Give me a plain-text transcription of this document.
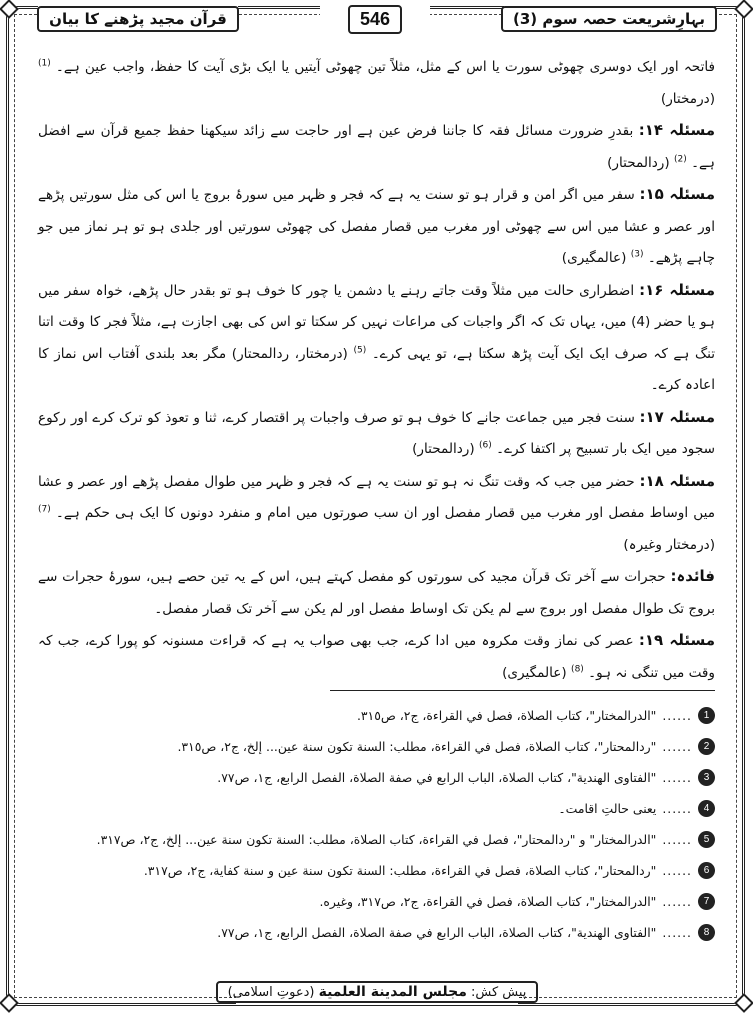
بہارِشریعت حصہ سوم (3)
546
قرآن مجید پڑھنے کا بیان

فاتحہ اور ایک دوسری چھوٹی سورت یا اس کے مثل، مثلاً تین چھوٹی آیتیں یا ایک بڑی آیت کا حفظ، واجب عین ہے۔ $^{(1)}$ (درمختار)

مسئلہ ۱۴: بقدرِ ضرورت مسائل فقہ کا جاننا فرض عین ہے اور حاجت سے زائد سیکھنا حفظ جمیع قرآن سے افضل ہے۔ $^{(2)}$ (ردالمحتار)

مسئلہ ۱۵: سفر میں اگر امن و قرار ہو تو سنت یہ ہے کہ فجر و ظہر میں سورۂ بروج یا اس کی مثل سورتیں پڑھے اور عصر و عشا میں اس سے چھوٹی اور مغرب میں قصار مفصل کی چھوٹی سورتیں اور جلدی ہو تو ہر نماز میں جو چاہے پڑھے۔ $^{(3)}$ (عالمگیری)

مسئلہ ۱۶: اضطراری حالت میں مثلاً وقت جاتے رہنے یا دشمن یا چور کا خوف ہو تو بقدر حال پڑھے، خواہ سفر میں ہو یا حضر (4) میں، یہاں تک کہ اگر واجبات کی مراعات نہیں کر سکتا تو اس کی بھی اجازت ہے، مثلاً فجر کا وقت اتنا تنگ ہے کہ صرف ایک ایک آیت پڑھ سکتا ہے، تو یہی کرے۔ $^{(5)}$ (درمختار، ردالمحتار) مگر بعد بلندی آفتاب اس نماز کا اعادہ کرے۔

مسئلہ ۱۷: سنت فجر میں جماعت جانے کا خوف ہو تو صرف واجبات پر اقتصار کرے، ثنا و تعوذ کو ترک کرے اور رکوع سجود میں ایک بار تسبیح پر اکتفا کرے۔ $^{(6)}$ (ردالمحتار)

مسئلہ ۱۸: حضر میں جب کہ وقت تنگ نہ ہو تو سنت یہ ہے کہ فجر و ظہر میں طوال مفصل پڑھے اور عصر و عشا میں اوساط مفصل اور مغرب میں قصار مفصل اور ان سب صورتوں میں امام و منفرد دونوں کا ایک ہی حکم ہے۔ $^{(7)}$ (درمختار وغیرہ)

فائدہ: حجرات سے آخر تک قرآن مجید کی سورتوں کو مفصل کہتے ہیں، اس کے یہ تین حصے ہیں، سورۂ حجرات سے بروج تک طوال مفصل اور بروج سے لم یکن تک اوساط مفصل اور لم یکن سے آخر تک قصار مفصل۔

مسئلہ ۱۹: عصر کی نماز وقت مکروہ میں ادا کرے، جب بھی صواب یہ ہے کہ قراءت مسنونہ کو پورا کرے، جب کہ وقت میں تنگی نہ ہو۔ $^{(8)}$ (عالمگیری)

1
......
"الدرالمختار"، كتاب الصلاة، فصل في القراءة، ج٢، ص٣١٥.
2
......
"ردالمحتار"، كتاب الصلاة، فصل في القراءة، مطلب: السنة تكون سنة عين... إلخ، ج٢، ص٣١٥.
3
......
"الفتاوى الهندية"، كتاب الصلاة، الباب الرابع في صفة الصلاة، الفصل الرابع، ج١، ص٧٧.
4
......
یعنی حالتِ اقامت۔
5
......
"الدرالمختار" و "ردالمحتار"، فصل في القراءة، كتاب الصلاة، مطلب: السنة تكون سنة عين... إلخ، ج٢، ص٣١٧.
6
......
"ردالمحتار"، كتاب الصلاة، فصل في القراءة، مطلب: السنة تكون سنة عين و سنة كفاية، ج٢، ص٣١٧.
7
......
"الدرالمختار"، كتاب الصلاة، فصل في القراءة، ج٢، ص٣١٧، وغيره.
8
......
"الفتاوى الهندية"، كتاب الصلاة، الباب الرابع في صفة الصلاة، الفصل الرابع، ج١، ص٧٧.
پیش کش: مجلس المدينة العلمية (دعوتِ اسلامی)
